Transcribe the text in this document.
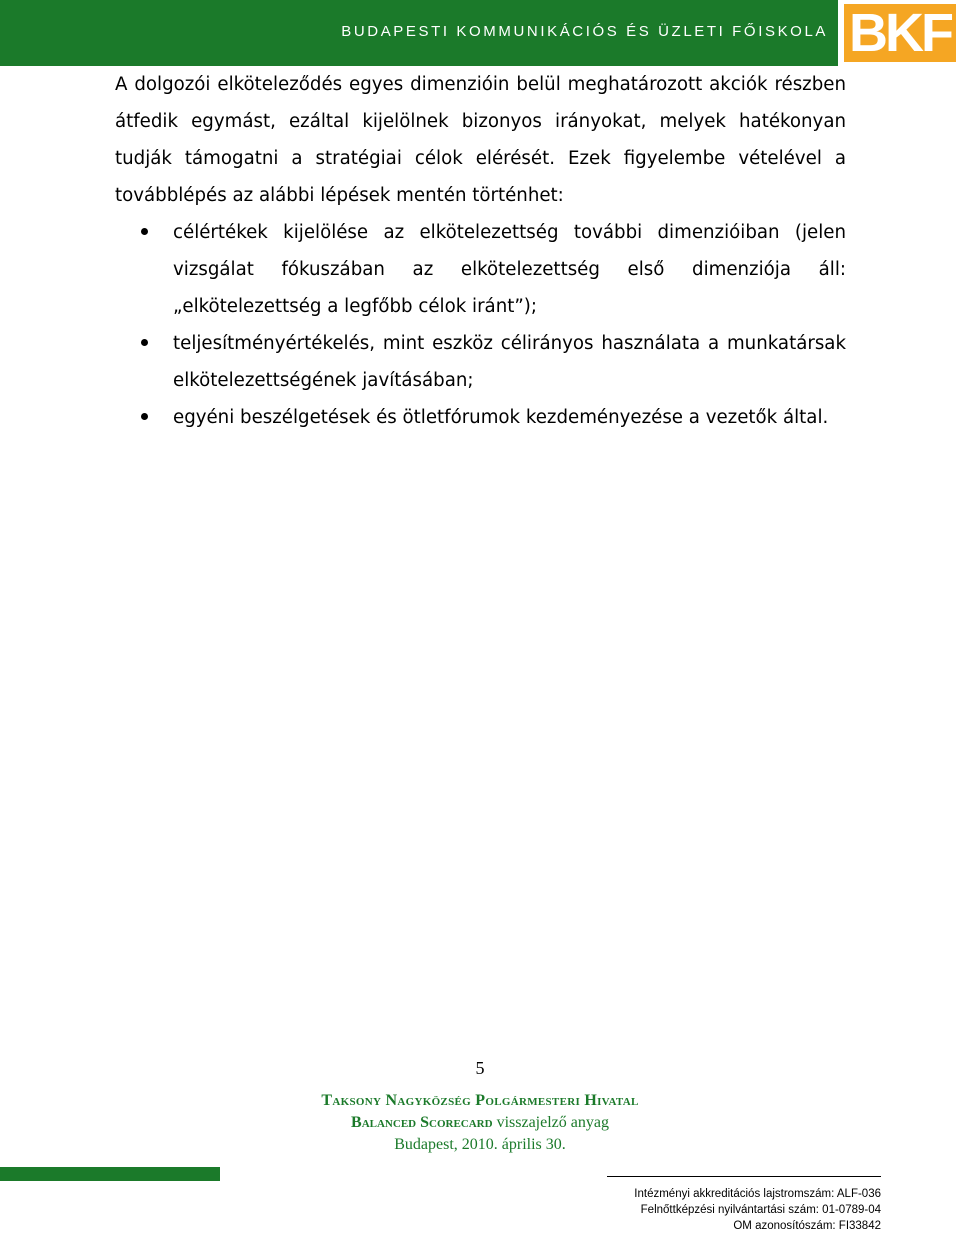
BUDAPESTI KOMMUNIKÁCIÓS ÉS ÜZLETI FŐISKOLA BKF

A dolgozói elköteleződés egyes dimenzióin belül meghatározott akciók részben átfedik egymást, ezáltal kijelölnek bizonyos irányokat, melyek hatékonyan tudják támogatni a stratégiai célok elérését. Ezek figyelembe vételével a továbblépés az alábbi lépések mentén történhet:

célértékek kijelölése az elkötelezettség további dimenzióiban (jelen vizsgálat fókuszában az elkötelezettség első dimenziója áll: „elkötelezettség a legfőbb célok iránt”);
teljesítményértékelés, mint eszköz célirányos használata a munkatársak elkötelezettségének javításában;
egyéni beszélgetések és ötletfórumok kezdeményezése a vezetők által.
5
Taksony Nagyközség Polgármesteri Hivatal
Balanced Scorecard visszajelző anyag
Budapest, 2010. április 30.
Intézményi akkreditációs lajstromszám: ALF-036
Felnőttképzési nyilvántartási szám: 01-0789-04
OM azonosítószám: FI33842
